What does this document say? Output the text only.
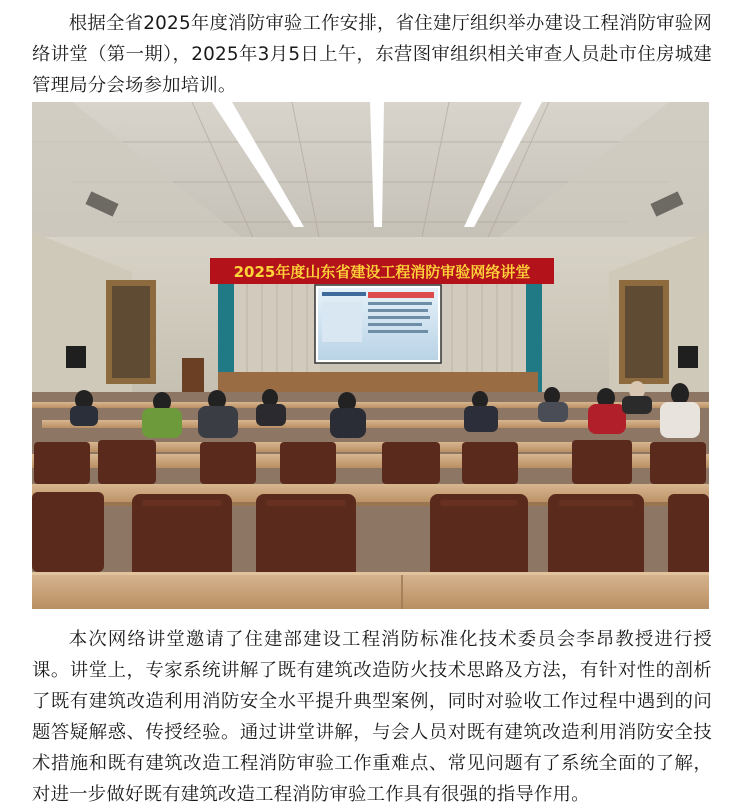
根据全省2025年度消防审验工作安排，省住建厅组织举办建设工程消防审验网络讲堂（第一期），2025年3月5日上午，东营图审组织相关审查人员赴市住房城建管理局分会场参加培训。

2025年度山东省建设工程消防审验网络讲堂

本次网络讲堂邀请了住建部建设工程消防标准化技术委员会李昂教授进行授课。讲堂上，专家系统讲解了既有建筑改造防火技术思路及方法，有针对性的剖析了既有建筑改造利用消防安全水平提升典型案例，同时对验收工作过程中遇到的问题答疑解惑、传授经验。通过讲堂讲解，与会人员对既有建筑改造利用消防安全技术措施和既有建筑改造工程消防审验工作重难点、常见问题有了系统全面的了解，对进一步做好既有建筑改造工程消防审验工作具有很强的指导作用。
